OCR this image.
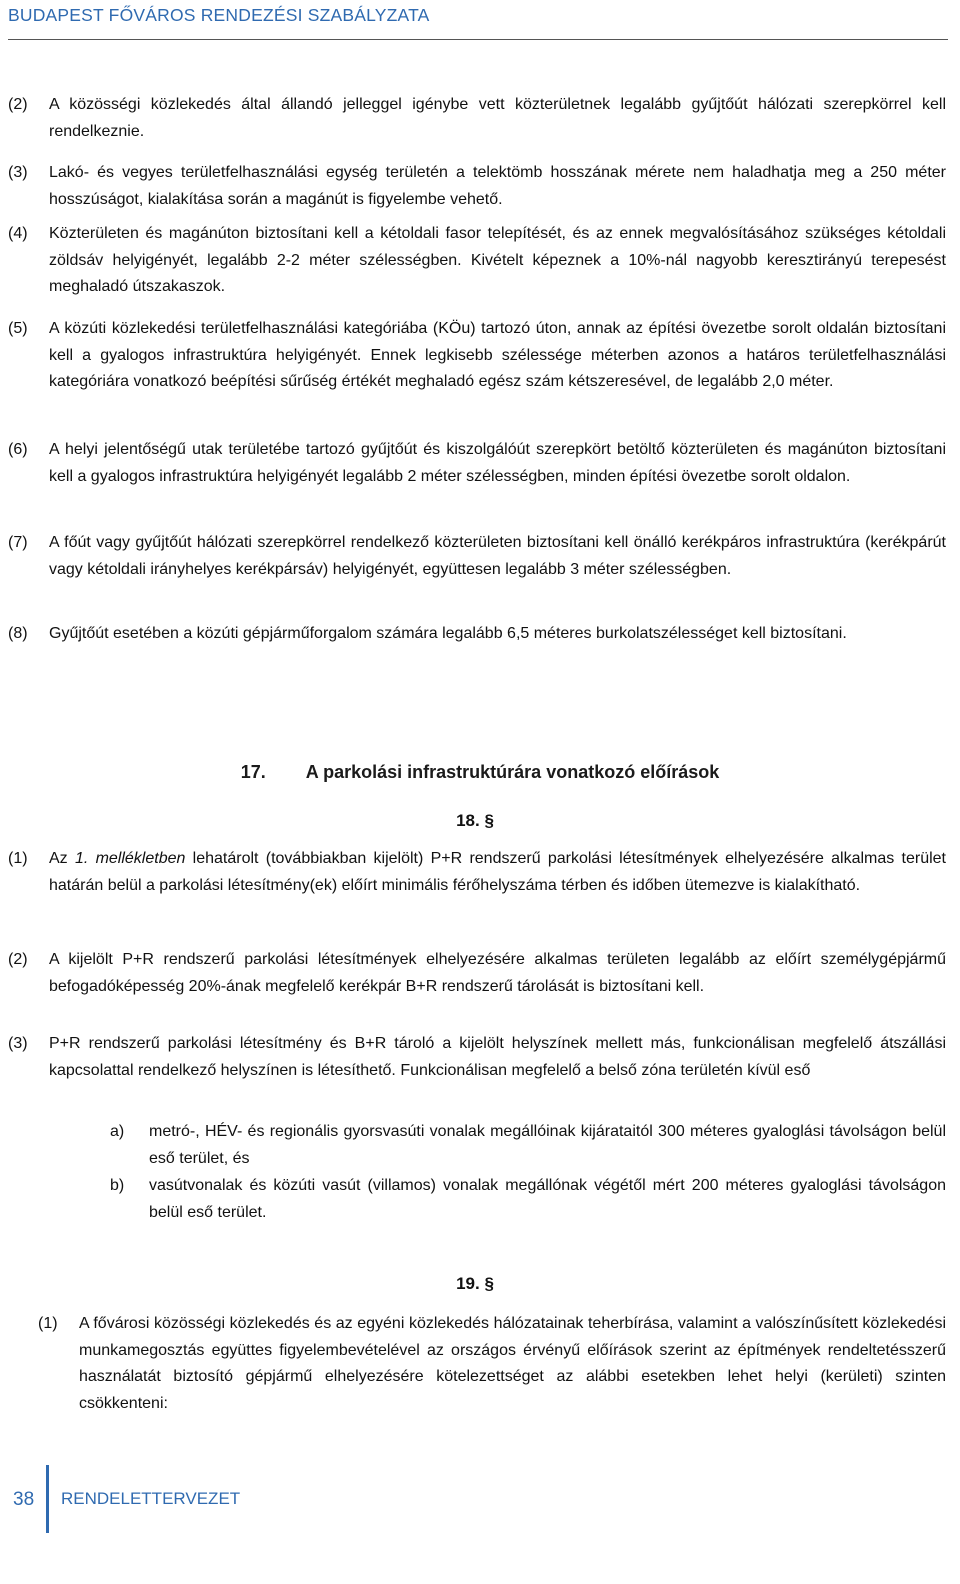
BUDAPEST FŐVÁROS RENDEZÉSI SZABÁLYZATA
(2) A közösségi közlekedés által állandó jelleggel igénybe vett közterületnek legalább gyűjtőút hálózati szerepkörrel kell rendelkeznie.
(3) Lakó- és vegyes területfelhasználási egység területén a telektömb hosszának mérete nem haladhatja meg a 250 méter hosszúságot, kialakítása során a magánút is figyelembe vehető.
(4) Közterületen és magánúton biztosítani kell a kétoldali fasor telepítését, és az ennek megvalósításához szükséges kétoldali zöldsáv helyigényét, legalább 2-2 méter szélességben. Kivételt képeznek a 10%-nál nagyobb keresztirányú terepesést meghaladó útszakaszok.
(5) A közúti közlekedési területfelhasználási kategóriába (KÖu) tartozó úton, annak az építési övezetbe sorolt oldalán biztosítani kell a gyalogos infrastruktúra helyigényét. Ennek legkisebb szélessége méterben azonos a határos területfelhasználási kategóriára vonatkozó beépítési sűrűség értékét meghaladó egész szám kétszeresével, de legalább 2,0 méter.
(6) A helyi jelentőségű utak területébe tartozó gyűjtőút és kiszolgálóút szerepkört betöltő közterületen és magánúton biztosítani kell a gyalogos infrastruktúra helyigényét legalább 2 méter szélességben, minden építési övezetbe sorolt oldalon.
(7) A főút vagy gyűjtőút hálózati szerepkörrel rendelkező közterületen biztosítani kell önálló kerékpáros infrastruktúra (kerékpárút vagy kétoldali irányhelyes kerékpársáv) helyigényét, együttesen legalább 3 méter szélességben.
(8) Gyűjtőút esetében a közúti gépjárműforgalom számára legalább 6,5 méteres burkolatszélességet kell biztosítani.
17. A parkolási infrastruktúrára vonatkozó előírások
18. §
(1) Az 1. mellékletben lehatárolt (továbbiakban kijelölt) P+R rendszerű parkolási létesítmények elhelyezésére alkalmas terület határán belül a parkolási létesítmény(ek) előírt minimális férőhelyszáma térben és időben ütemezve is kialakítható.
(2) A kijelölt P+R rendszerű parkolási létesítmények elhelyezésére alkalmas területen legalább az előírt személygépjármű befogadóképesség 20%-ának megfelelő kerékpár B+R rendszerű tárolását is biztosítani kell.
(3) P+R rendszerű parkolási létesítmény és B+R tároló a kijelölt helyszínek mellett más, funkcionálisan megfelelő átszállási kapcsolattal rendelkező helyszínen is létesíthető. Funkcionálisan megfelelő a belső zóna területén kívül eső
a) metró-, HÉV- és regionális gyorsvasúti vonalak megállóinak kijárataitól 300 méteres gyaloglási távolságon belül eső terület, és
b) vasútvonalak és közúti vasút (villamos) vonalak megállónak végétől mért 200 méteres gyaloglási távolságon belül eső terület.
19. §
(1) A fővárosi közösségi közlekedés és az egyéni közlekedés hálózatainak teherbírása, valamint a valószínűsített közlekedési munkamegosztás együttes figyelembevételével az országos érvényű előírások szerint az építmények rendeltetésszerű használatát biztosító gépjármű elhelyezésére kötelezettséget az alábbi esetekben lehet helyi (kerületi) szinten csökkenteni:
38 RENDELETTERVEZET
